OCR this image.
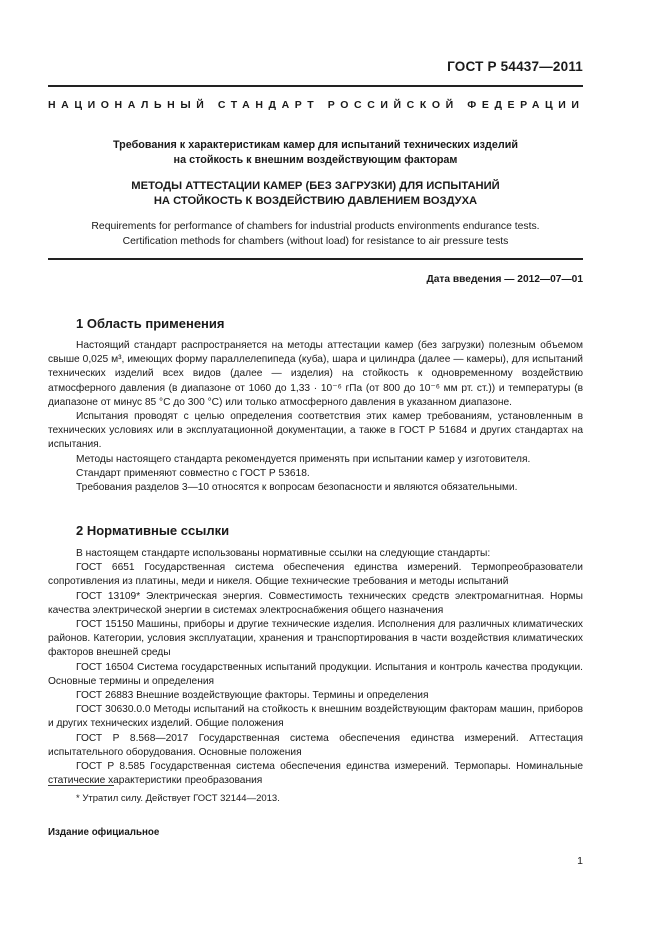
ГОСТ Р 54437—2011
НАЦИОНАЛЬНЫЙ СТАНДАРТ РОССИЙСКОЙ ФЕДЕРАЦИИ
Требования к характеристикам камер для испытаний технических изделий
на стойкость к внешним воздействующим факторам
МЕТОДЫ АТТЕСТАЦИИ КАМЕР (БЕЗ ЗАГРУЗКИ) ДЛЯ ИСПЫТАНИЙ
НА СТОЙКОСТЬ К ВОЗДЕЙСТВИЮ ДАВЛЕНИЕМ ВОЗДУХА
Requirements for performance of chambers for industrial products environments endurance tests.
Certification methods for chambers (without load) for resistance to air pressure tests
Дата введения — 2012—07—01
1 Область применения

Настоящий стандарт распространяется на методы аттестации камер (без загрузки) полезным объемом свыше 0,025 м³, имеющих форму параллелепипеда (куба), шара и цилиндра (далее — камеры), для испытаний технических изделий всех видов (далее — изделия) на стойкость к одновременному воздействию атмосферного давления (в диапазоне от 1060 до 1,33 · 10⁻⁶ гПа (от 800 до 10⁻⁶ мм рт. ст.)) и температуры (в диапазоне от минус 85 °С до 300 °С) или только атмосферного давления в указанном диапазоне.

Испытания проводят с целью определения соответствия этих камер требованиям, установленным в технических условиях или в эксплуатационной документации, а также в ГОСТ Р 51684 и других стандартах на испытания.

Методы настоящего стандарта рекомендуется применять при испытании камер у изготовителя.

Стандарт применяют совместно с ГОСТ Р 53618.

Требования разделов 3—10 относятся к вопросам безопасности и являются обязательными.

2 Нормативные ссылки

В настоящем стандарте использованы нормативные ссылки на следующие стандарты:

ГОСТ 6651 Государственная система обеспечения единства измерений. Термопреобразователи сопротивления из платины, меди и никеля. Общие технические требования и методы испытаний

ГОСТ 13109* Электрическая энергия. Совместимость технических средств электромагнитная. Нормы качества электрической энергии в системах электроснабжения общего назначения

ГОСТ 15150 Машины, приборы и другие технические изделия. Исполнения для различных климатических районов. Категории, условия эксплуатации, хранения и транспортирования в части воздействия климатических факторов внешней среды

ГОСТ 16504 Система государственных испытаний продукции. Испытания и контроль качества продукции. Основные термины и определения

ГОСТ 26883 Внешние воздействующие факторы. Термины и определения

ГОСТ 30630.0.0 Методы испытаний на стойкость к внешним воздействующим факторам машин, приборов и других технических изделий. Общие положения

ГОСТ Р 8.568—2017 Государственная система обеспечения единства измерений. Аттестация испытательного оборудования. Основные положения

ГОСТ Р 8.585 Государственная система обеспечения единства измерений. Термопары. Номинальные статические характеристики преобразования

* Утратил силу. Действует ГОСТ 32144—2013.
Издание официальное
1
